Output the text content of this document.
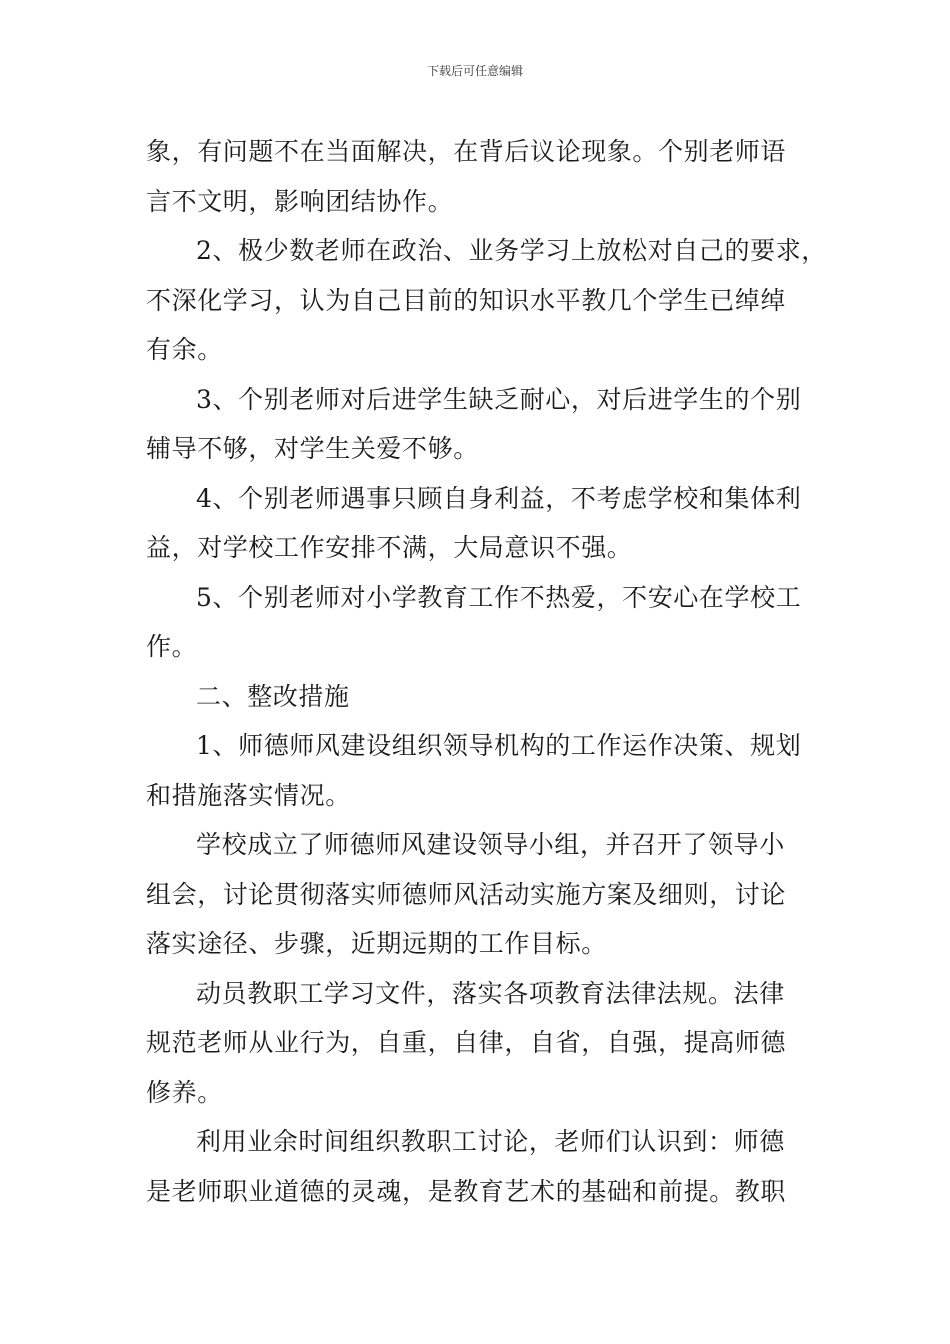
下载后可任意编辑
象，有问题不在当面解决，在背后议论现象。个别老师语
言不文明，影响团结协作。
2、极少数老师在政治、业务学习上放松对自己的要求，
不深化学习，认为自己目前的知识水平教几个学生已绰绰
有余。
3、个别老师对后进学生缺乏耐心，对后进学生的个别
辅导不够，对学生关爱不够。
4、个别老师遇事只顾自身利益，不考虑学校和集体利
益，对学校工作安排不满，大局意识不强。
5、个别老师对小学教育工作不热爱，不安心在学校工
作。
二、整改措施
1、师德师风建设组织领导机构的工作运作决策、规划
和措施落实情况。
学校成立了师德师风建设领导小组，并召开了领导小
组会，讨论贯彻落实师德师风活动实施方案及细则，讨论
落实途径、步骤，近期远期的工作目标。
动员教职工学习文件，落实各项教育法律法规。法律
规范老师从业行为，自重，自律，自省，自强，提高师德
修养。
利用业余时间组织教职工讨论，老师们认识到：师德
是老师职业道德的灵魂，是教育艺术的基础和前提。教职
